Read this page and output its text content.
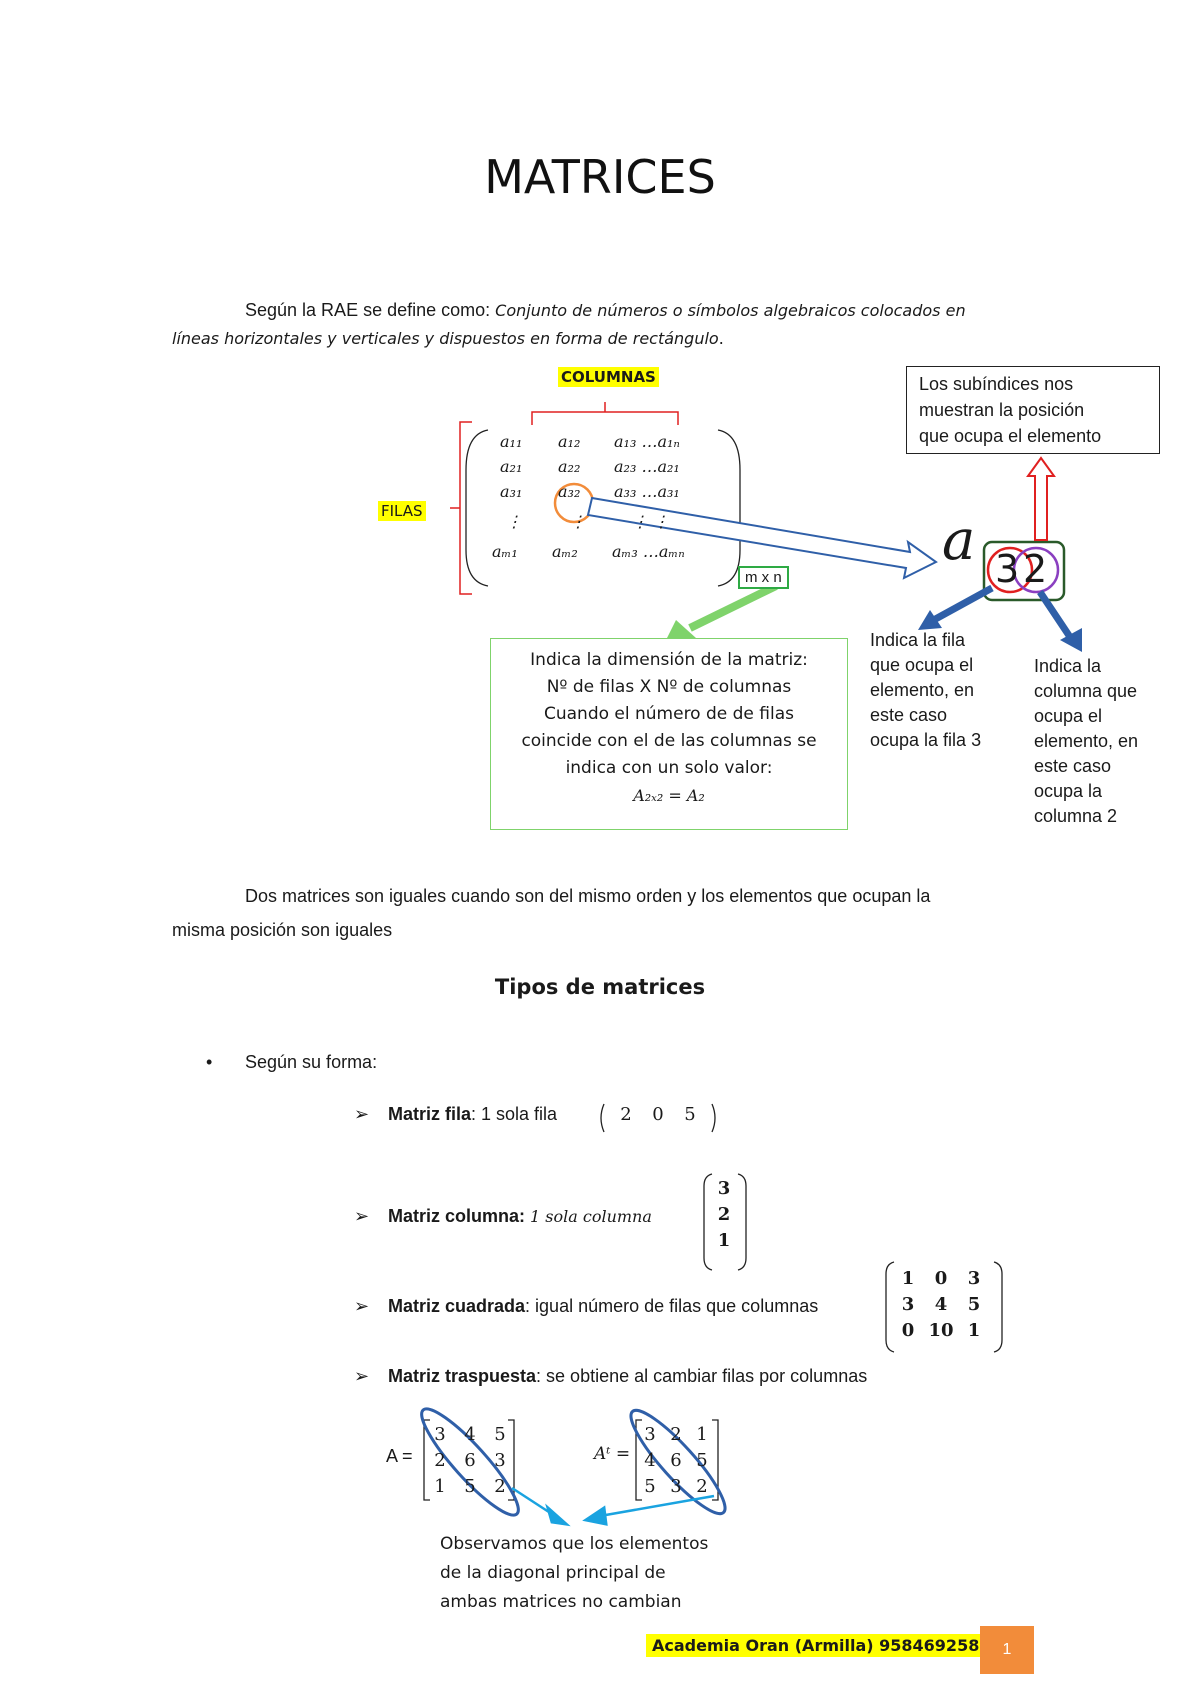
MATRICES
Según la RAE se define como: Conjunto de números o símbolos algebraicos colocados en
líneas horizontales y verticales y dispuestos en forma de rectángulo.
COLUMNAS
FILAS
a₁₁	a₁₂	a₁₃ …a₁ₙ
a₂₁	a₂₂	a₂₃ …a₂₁
a₃₁	a₃₂	a₃₃ …a₃₁
⋮	⋮	⋮ ⋮
aₘ₁	aₘ₂	aₘ₃ …aₘₙ
m x n
Los subíndices nos
muestran la posición
que ocupa el elemento
a 3 2
Indica la fila
que ocupa el
elemento, en
este caso
ocupa la fila 3
Indica la
columna que
ocupa el
elemento, en
este caso
ocupa la
columna 2
Indica la dimensión de la matriz:
Nº de filas X Nº de columnas
Cuando el número de de filas
coincide con el de las columnas se
indica con un solo valor:
A₂ₓ₂ = A₂
Dos matrices son iguales cuando son del mismo orden y los elementos que ocupan la
misma posición son iguales
Tipos de matrices
• Según su forma:
➢ Matriz fila: 1 sola fila	2	0	5
➢ Matriz columna: 1 sola columna
3
2
1
➢ Matriz cuadrada: igual número de filas que columnas
1	0	3
3	4	5
0 10 1
➢ Matriz traspuesta: se obtiene al cambiar filas por columnas
A =
3	4	5
2	6	3
1	5	2
Aᵗ =
3 2 1
4 6 5
5 3 2
Observamos que los elementos
de la diagonal principal de
ambas matrices no cambian
Academia Oran (Armilla) 958469258	1
